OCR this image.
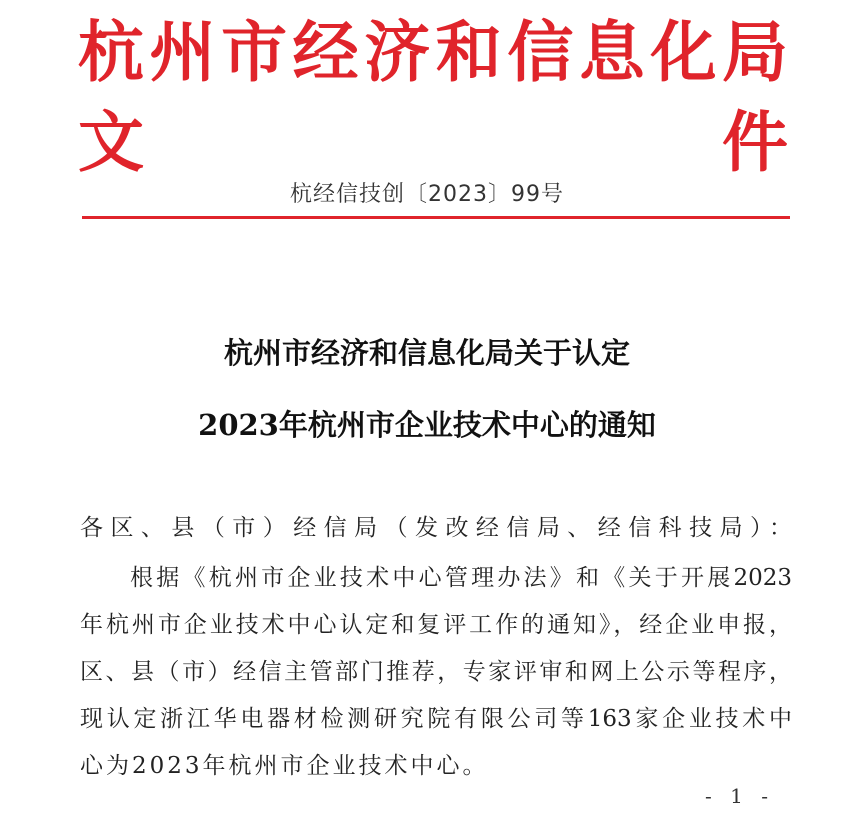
杭州市经济和信息化局文件
杭经信技创〔2023〕99号
杭州市经济和信息化局关于认定
2023年杭州市企业技术中心的通知
各区、县（市）经信局（发改经信局、经信科技局）：
根据《杭州市企业技术中心管理办法》和《关于开展2023
年杭州市企业技术中心认定和复评工作的通知》，经企业申报，
区、县（市）经信主管部门推荐，专家评审和网上公示等程序，
现认定浙江华电器材检测研究院有限公司等163家企业技术中
心为2023年杭州市企业技术中心。
- 1 -
